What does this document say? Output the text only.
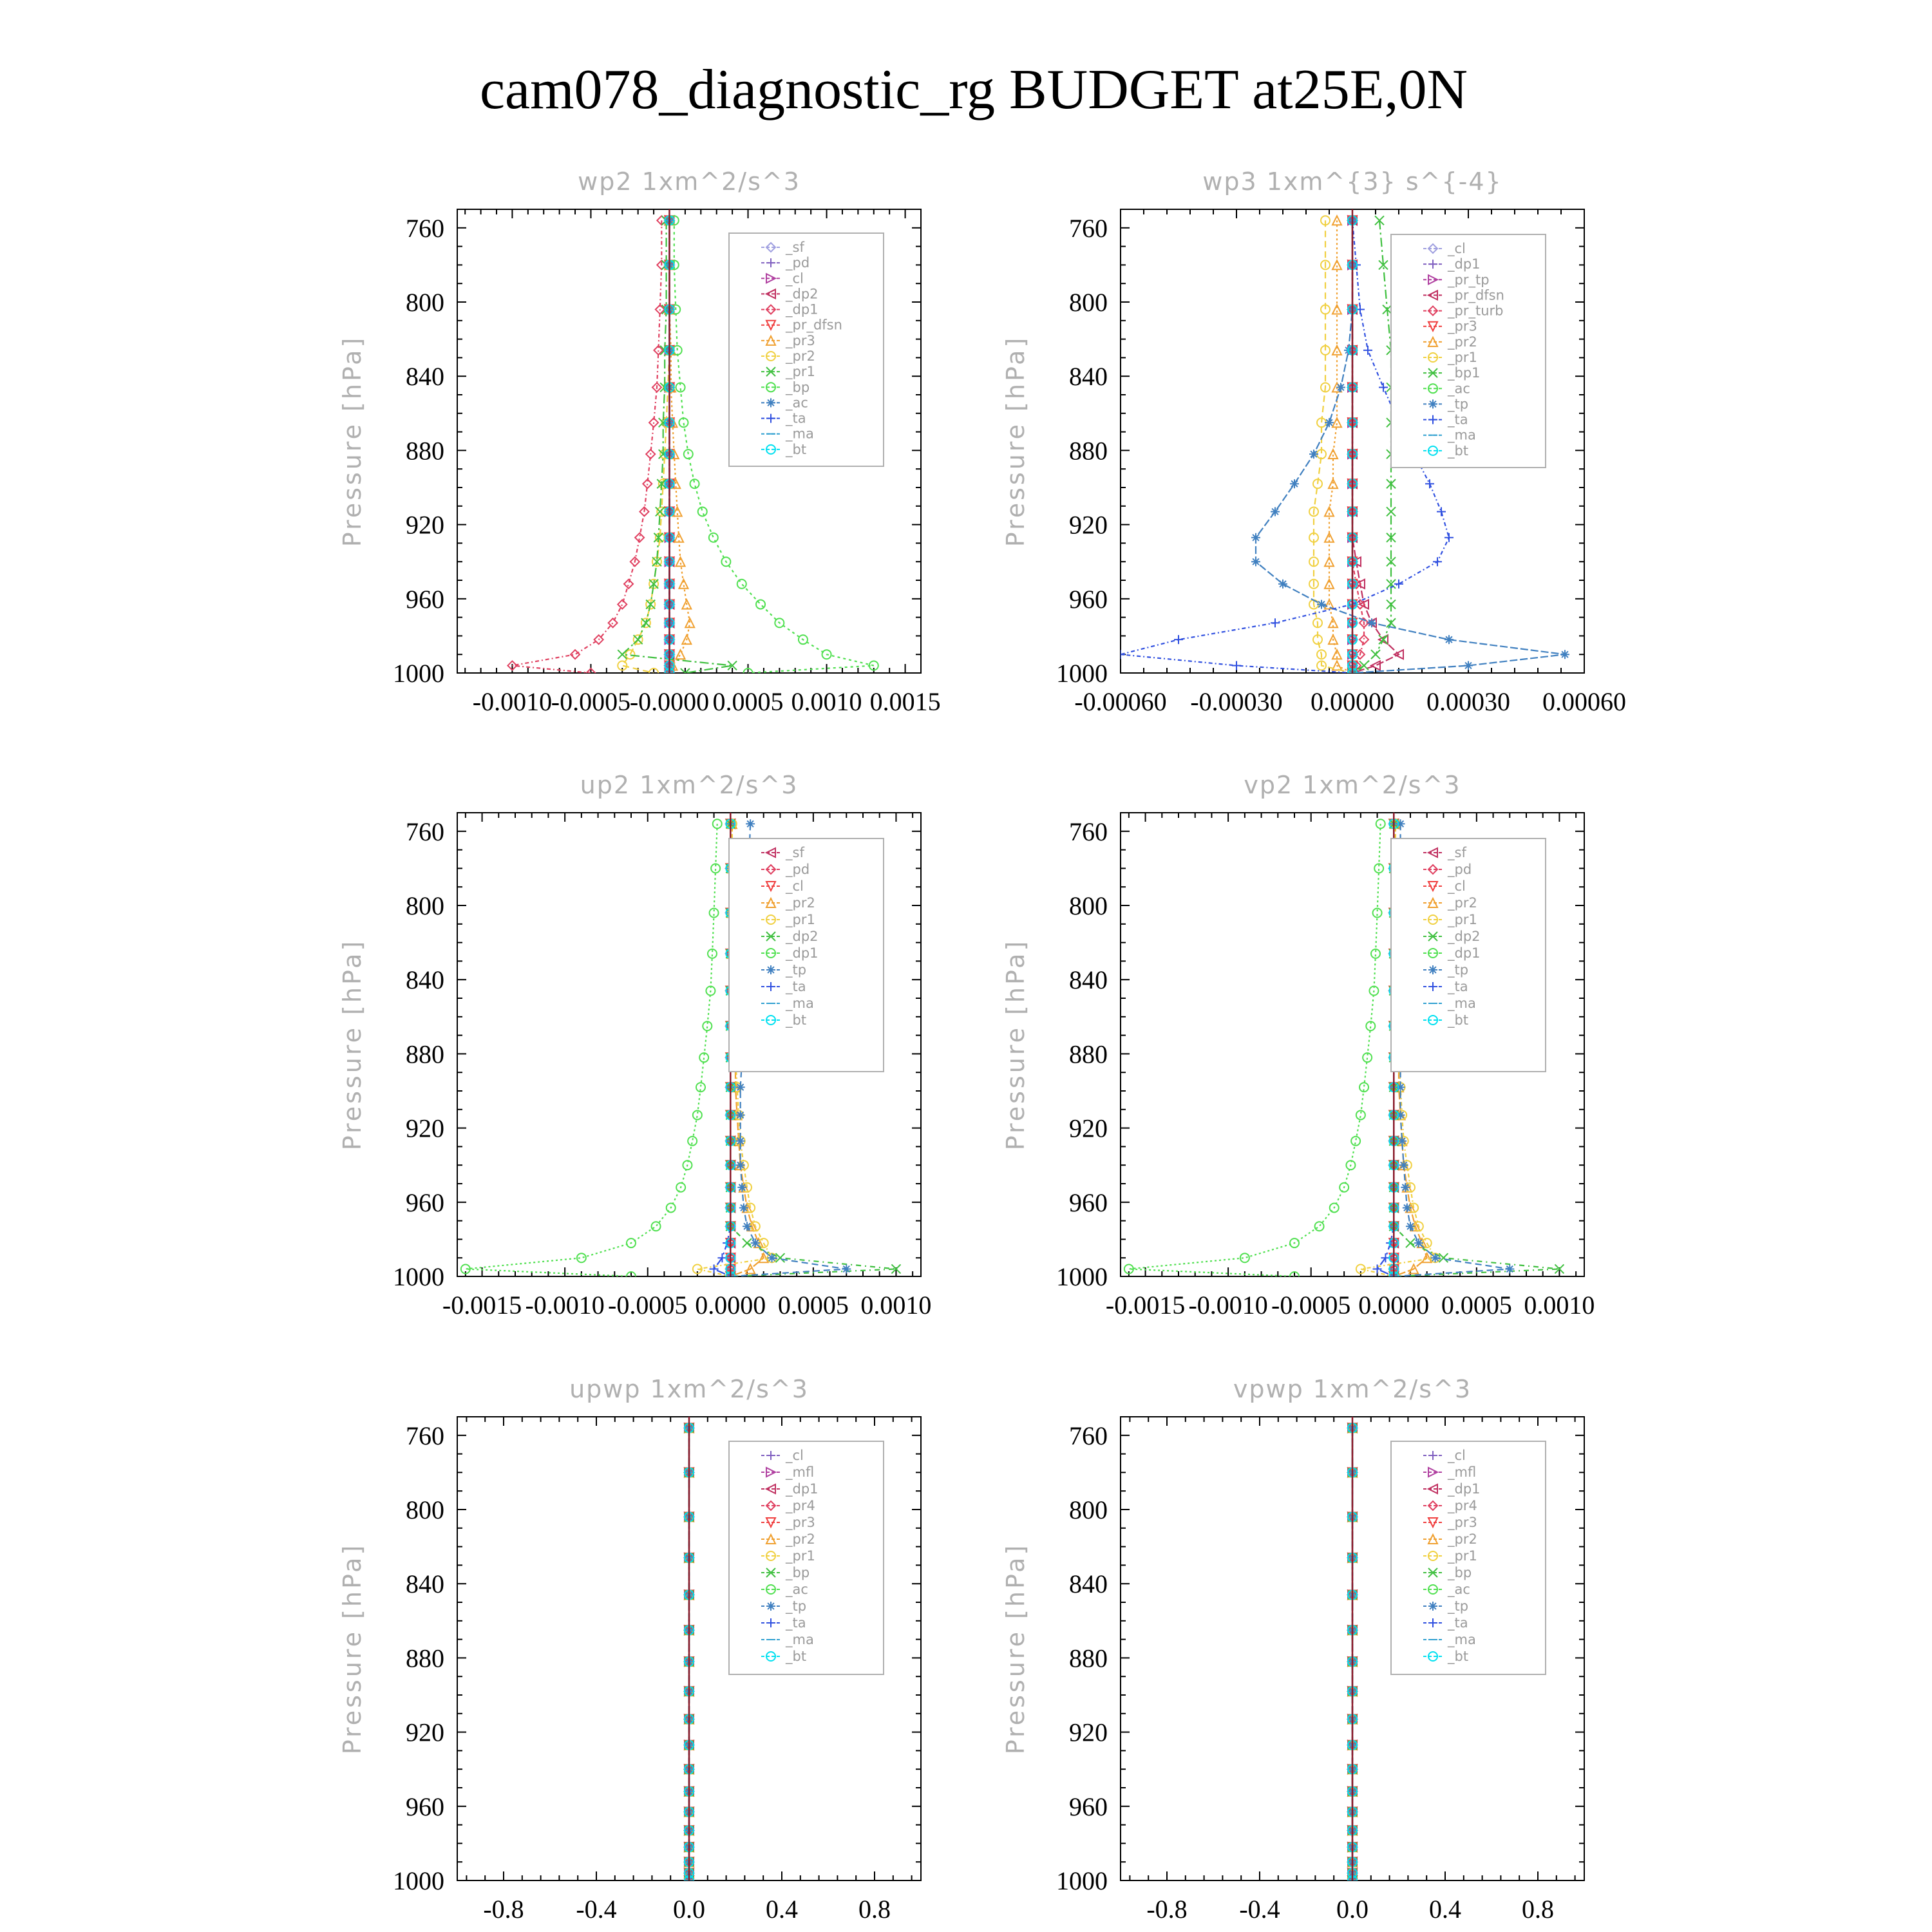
cam078_diagnostic_rg BUDGET at25E,0N
wp2 1xm^2/s^3
Pressure [hPa]
760
800
840
880
920
960
1000
-0.0010
-0.0005
-0.0000 0.0005 0.0010 0.0015
_sf
_pd
_cl
_dp2
_dp1
_pr_dfsn
_pr3
_pr2
_pr1
_bp
_ac
_ta
_ma
_bt
wp3 1xm^{3} s^{-4}
Pressure [hPa]
760
800
840
880
920
960
1000
-0.00060 -0.00030 0.00000 0.00030 0.00060
_cl
_dp1
_pr_tp
_pr_dfsn
_pr_turb
_pr3
_pr2
_pr1
_bp1
_ac
_tp
_ta
_ma
_bt
up2 1xm^2/s^3
Pressure [hPa]
760
800
840
880
920
960
1000
-0.0015 -0.0010 -0.0005 0.0000 0.0005 0.0010
_sf
_pd
_cl
_pr2
_pr1
_dp2
_dp1
_tp
_ta
_ma
_bt
vp2 1xm^2/s^3
Pressure [hPa]
760
800
840
880
920
960
1000
-0.0015 -0.0010 -0.0005 0.0000 0.0005 0.0010
_sf
_pd
_cl
_pr2
_pr1
_dp2
_dp1
_tp
_ta
_ma
_bt
upwp 1xm^2/s^3
Pressure [hPa]
760
800
840
880
920
960
1000
-0.8 -0.4 0.0 0.4 0.8
_cl
_mfl
_dp1
_pr4
_pr3
_pr2
_pr1
_bp
_ac
_tp
_ta
_ma
_bt
vpwp 1xm^2/s^3
Pressure [hPa]
760
800
840
880
920
960
1000
-0.8 -0.4 0.0 0.4 0.8
_cl
_mfl
_dp1
_pr4
_pr3
_pr2
_pr1
_bp
_ac
_tp
_ta
_ma
_bt
